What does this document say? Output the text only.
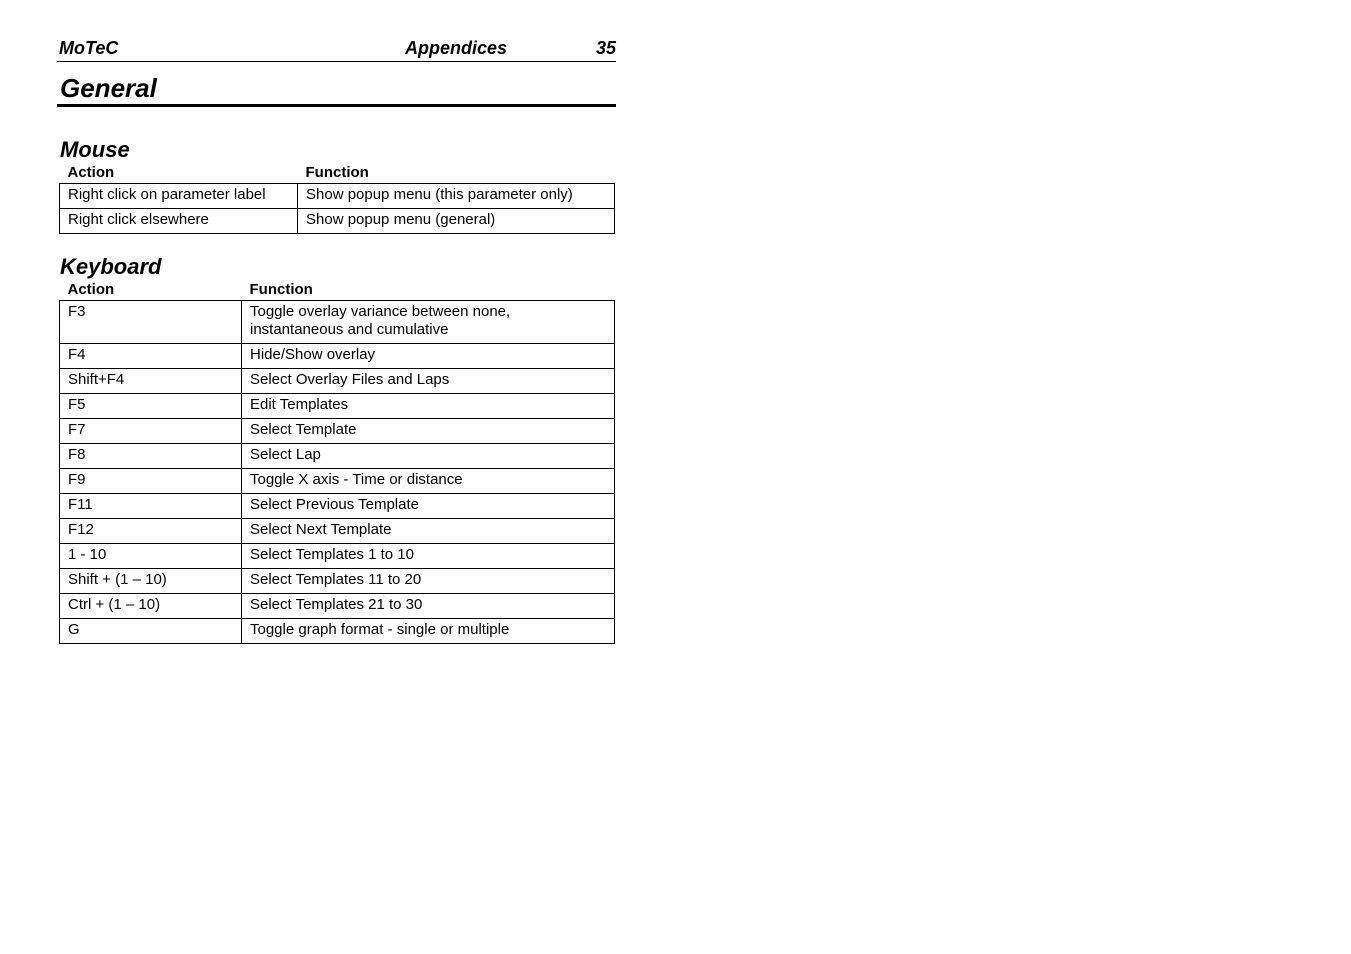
MoTeC	Appendices	35
General
Mouse
Action	Function
Right click on parameter label	Show popup menu (this parameter only)
Right click elsewhere	Show popup menu (general)
Keyboard
Action	Function
F3	Toggle overlay variance between none, instantaneous and cumulative
F4	Hide/Show overlay
Shift+F4	Select Overlay Files and Laps
F5	Edit Templates
F7	Select Template
F8	Select Lap
F9	Toggle X axis - Time or distance
F11	Select Previous Template
F12	Select Next Template
1 - 10	Select Templates 1 to 10
Shift + (1 – 10)	Select Templates 11 to 20
Ctrl + (1 – 10)	Select Templates 21 to 30
G	Toggle graph format - single or multiple
